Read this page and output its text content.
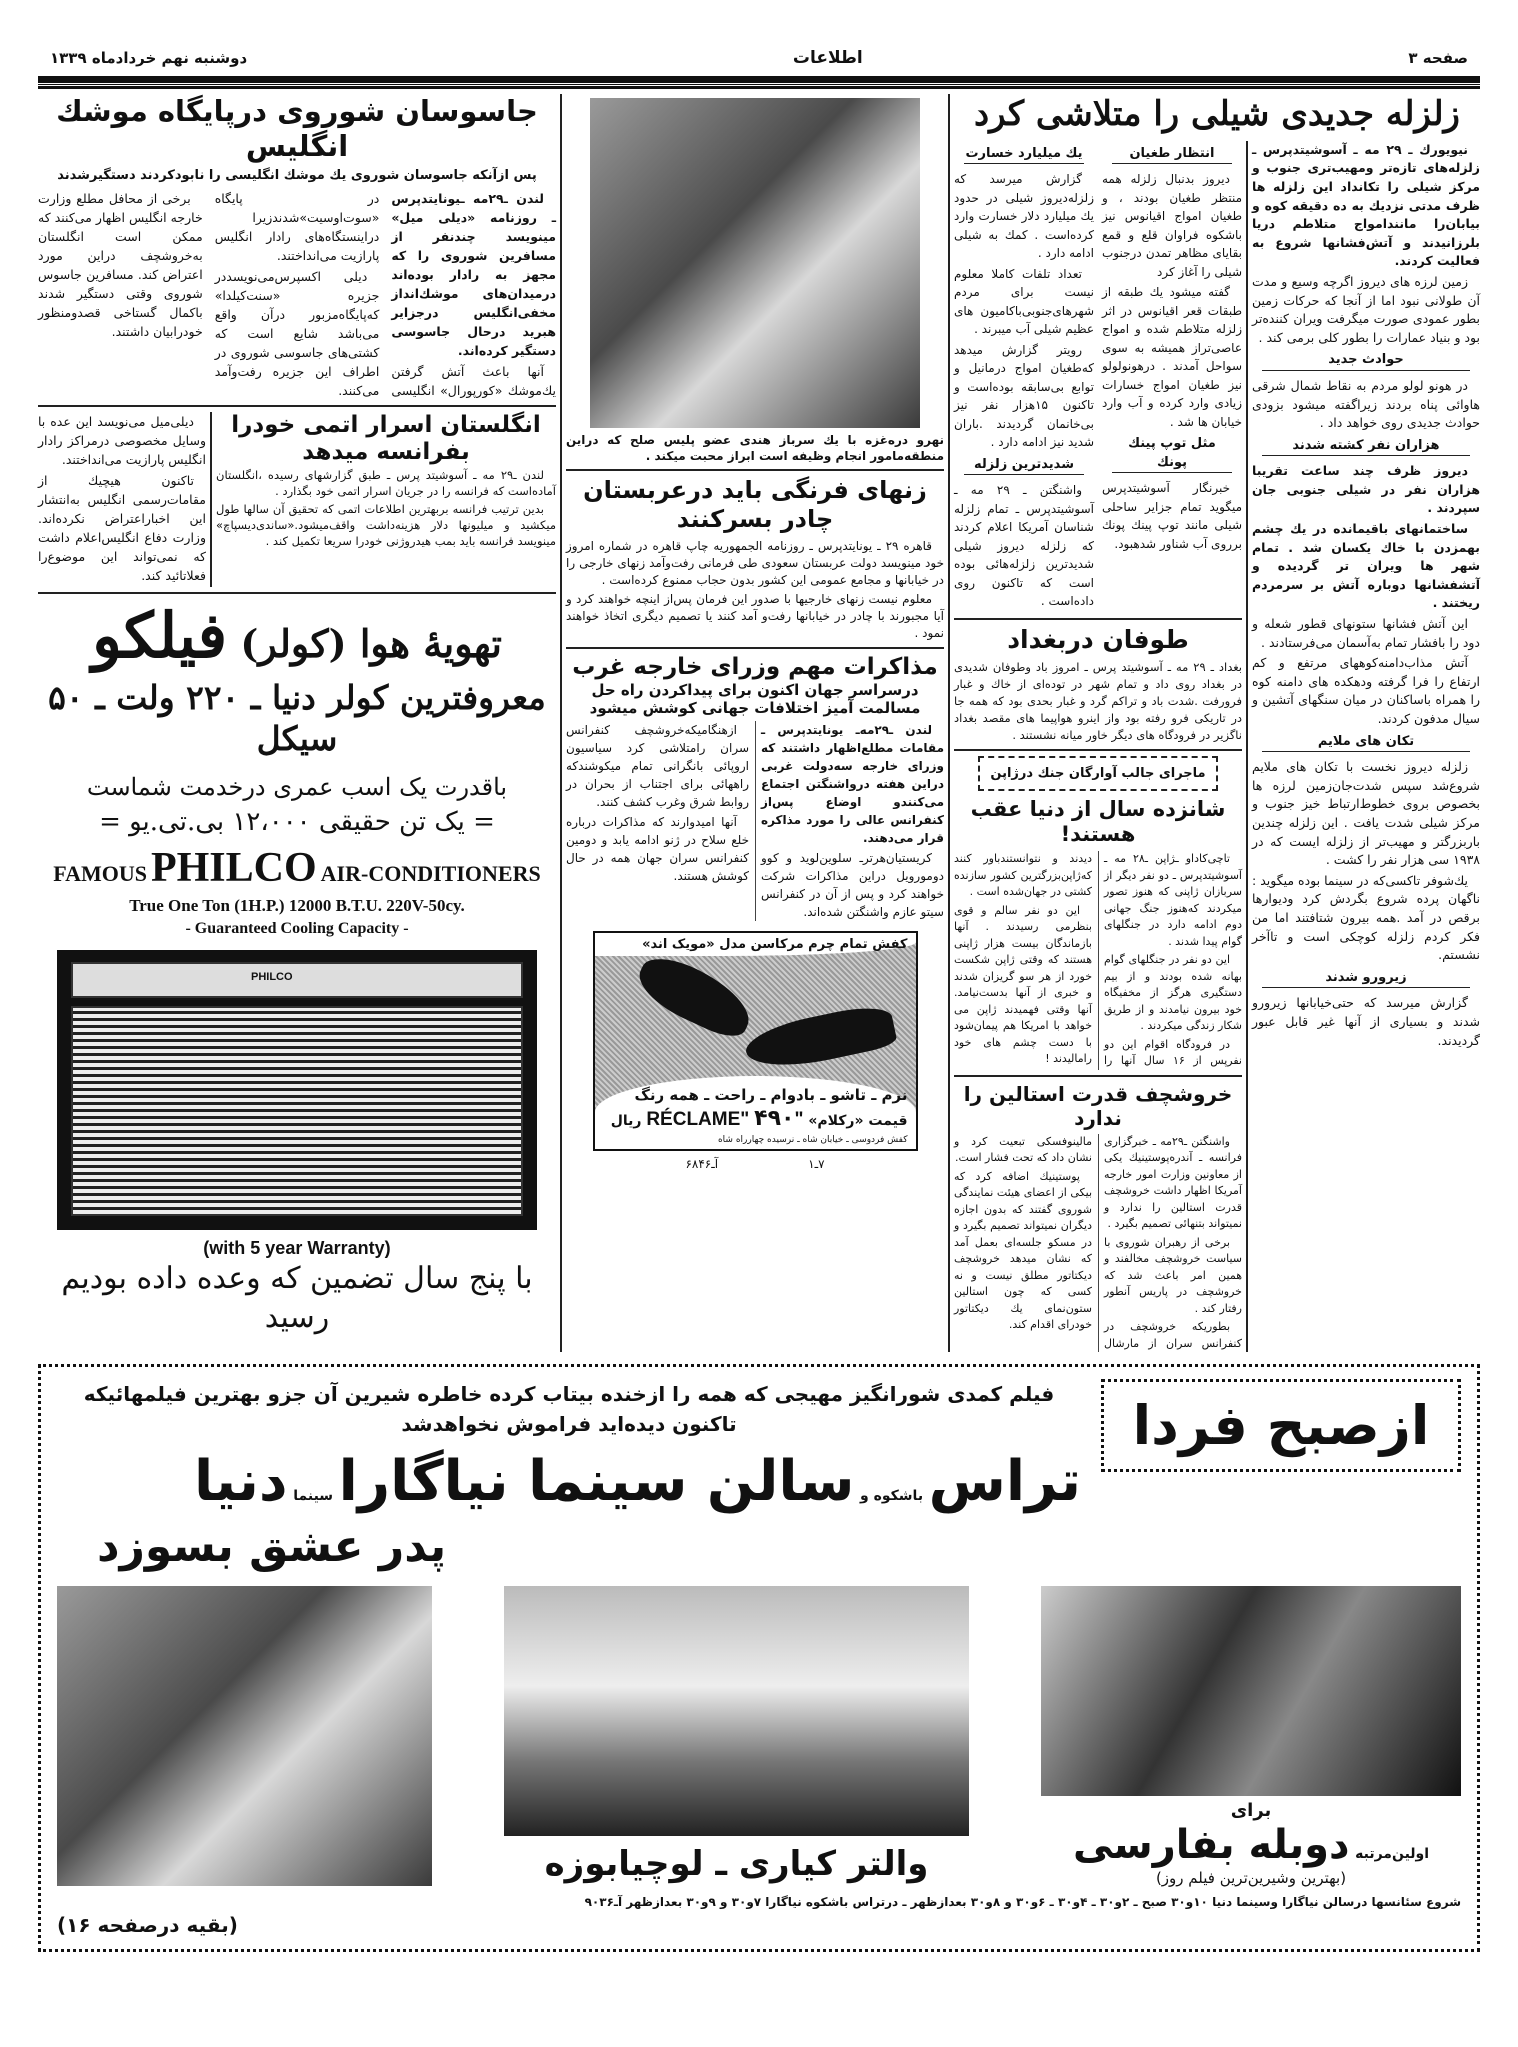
دوشنبه نهم خردادماه ۱۳۳۹	اطلاعات	صفحه ۳
جاسوسان شوروی درپایگاه موشك انگلیس
پس ازآنكه جاسوسان شوروی یك موشك انگلیسی را نابودكردند دستگیرشدند

لندن ـ۲۹مه ـیونایتدپرس ـ روزنامه «دیلی میل» مینویسد چندنفر از مسافرین شوروی را که مجهز به رادار بوده‌اند درمیدان‌های موشك‌انداز مخفی‌انگلیس درجزایر هبرید درحال جاسوسی دستگیر کرده‌اند.

آنها باعث آتش گرفتن یك‌موشك «کورپورال» انگلیسی در پایگاه «سوت‌اوسیت»شدندزیرا دراینستگاه‌های رادار انگلیس پارازیت می‌انداختند.

دیلی اکسپرس‌می‌نویسددر جزیره «سنت‌کیلدا» که‌پایگاه‌مزبور درآن واقع می‌باشد شایع است که کشتی‌های جاسوسی شوروی در اطراف این جزیره رفت‌وآمد می‌کنند.

برخی از محافل مطلع وزارت خارجه انگلیس اظهار می‌کنند که ممکن است انگلستان به‌خروشچف دراین مورد اعتراض کند. مسافرین جاسوس شوروی وقتی دستگیر شدند باکمال گستاخی قصدومنظور خودرابیان داشتند.

دیلی‌میل می‌نویسد این عده با وسایل مخصوصی درمراکز رادار انگلیس پارازیت می‌انداختند.

تاکنون هیچیك از مقامات‌رسمی انگلیس به‌انتشار این اخباراعتراض نکرده‌اند. وزارت دفاع انگلیس‌اعلام داشت که نمی‌تواند این موضوع‌را فعلاتائید کند.

انگلستان اسرار اتمی خودرا
بفرانسه میدهد

لندن ـ۲۹ مه ـ آسوشیتد پرس ـ طبق گزارشهای رسیده ،انگلستان آماده‌است که فرانسه را در جریان اسرار اتمی خود بگذارد .

بدین ترتیب فرانسه بربهترین اطلاعات اتمی که تحقیق آن سالها طول میکشید و میلیونها دلار هزینه‌داشت واقف‌میشود.«ساندی‌دیسپاچ» مینویسد فرانسه باید بمب هیدروژنی خودرا سریعا تکمیل کند .

تهویۀ هوا (کولر) فیلکو
معروفترین کولر دنیا ـ ۲۲۰ ولت ـ ۵۰ سیکل
باقدرت یک اسب عمری درخدمت شماست
= یک تن حقیقی ۱۲،۰۰۰ بی.تی.یو =
FAMOUS PHILCO AIR-CONDITIONERS
True One Ton (1H.P.) 12000 B.T.U. 220V-50cy.
- Guaranteed Cooling Capacity -
PHILCO
(with 5 year Warranty)
با پنج سال تضمین که وعده داده بودیم رسید
نهرو دره‌غزه‌ با یك سرباز هندی عضو پلیس صلح که دراین منطقه‌مامور انجام وظیفه است ابراز محبت میکند .
زنهای فرنگی باید درعربستان چادر بسرکنند

قاهره ۲۹ ـ یونایتدپرس ـ روزنامه الجمهوریه چاپ قاهره در شماره امروز خود مینویسد دولت عربستان سعودی طی فرمانی رفت‌وآمد زنهای خارجی را در خیابانها و مجامع عمومی این کشور بدون حجاب ممنوع کرده‌است .

معلوم نیست زنهای خارجیها با صدور این فرمان پس‌از اینچه خواهند کرد و آیا مجبورند با چادر در خیابانها رفت‌و آمد کنند یا تصمیم دیگری اتخاذ خواهند نمود .

مذاکرات مهم وزرای خارجه غرب
درسراسر جهان اکنون برای پیداکردن راه حل مسالمت آمیز اختلافات جهانی کوشش میشود

لندن ـ۲۹مه‌ـ یونایتدپرس ـ مقامات مطلع‌اظهار داشتند که وزرای خارجه سه‌دولت غربی دراین هفته درواشنگتن اجتماع می‌کنندو اوضاع پس‌از کنفرانس عالی را مورد مذاکره قرار می‌دهند.

کریستیان‌هرتر‌ـ سلوین‌لوید و کوو دومورویل دراین مذاکرات شرکت خواهند کرد و پس از آن در کنفرانس سیتو عازم واشنگتن شده‌اند.

ازهنگامیکه‌خروشچف کنفرانس سران رامتلاشی کرد سیاسیون اروپائی بانگرانی تمام میکوشندکه راههائی برای اجتناب از بحران در روابط شرق وغرب کشف کنند.

آنها امیدوارند که مذاکرات درباره خلع سلاح در ژنو ادامه یابد و دومین کنفرانس سران جهان همه در حال کوشش هستند.

کفش تمام چرم مرکاسن مدل «مویک اند»
نرم ـ تاشو ـ بادوام ـ راحت ـ همه رنگ
قیمت «رکلام» "RÉCLAME" ۴۹۰ ریال
کفش فردوسی ـ خیابان شاه ـ نرسیده چهارراه شاه
آـ۶۸۴۶	۷ـ۱
زلزله جدیدی شیلی را متلاشی کرد
یك میلیارد خسارت

گزارش میرسد که زلزله‌دیروز شیلی در حدود یك میلیارد دلار خسارت وارد کرده‌است . کمك به شیلی ادامه دارد .

تعداد تلفات کاملا معلوم نیست برای مردم شهرهای‌جنوبی‌باکامیون های عظیم شیلی آب میبرند .

رویتر گزارش میدهد که‌طغیان امواج درمانیل و توابع بی‌سابقه بوده‌است و تاکنون ۱۵هزار نفر نیز بی‌خانمان گردیدند .باران شدید نیز ادامه دارد .

شدیدترین زلزله

واشنگتن ـ ۲۹ مه ـ آسوشیتدپرس ـ تمام زلزله شناسان آمریکا اعلام کردند که زلزله دیروز شیلی شدیدترین زلزله‌هائی بوده است که تاکنون روی داده‌است .

انتظار طغیان

دیروز بدنبال زلزله همه منتظر طغیان بودند ، و طغیان امواج اقیانوس نیز باشکوه فراوان قلع و قمع بقایای مظاهر تمدن درجنوب شیلی را آغاز کرد

گفته میشود یك طبقه از طبقات قعر اقیانوس در اثر زلزله متلاطم شده و امواج عاصی‌تراز همیشه به سوی سواحل آمدند . درهونولولو نیز طغیان امواج خسارات زیادی وارد کرده و آب وارد خیابان ها شد .

مثل توپ پینك پونك

خبرنگار آسوشیتدپرس میگوید تمام جزایر ساحلی شیلی مانند توپ پینك پونك برروی آب شناور شدهبود.

طوفان دربغداد
بغداد ـ ۲۹ مه ـ آسوشیتد پرس ـ امروز باد وطوفان شدیدی در بغداد روی داد و تمام شهر در توده‌ای از خاك و غبار فرورفت .شدت باد و تراکم گرد و غبار بحدی بود که همه جا در تاریکی فرو رفته بود واز اینرو هواپیما های مقصد بغداد ناگزیر در فرودگاه های دیگر خاور میانه نشستند .
ماجرای جالب آوارگان جنك درژاپن
شانزده سال از دنیا عقب هستند!

تاچی‌کاداو ـژاپن ـ۲۸ مه ـ آسوشیتدپرس ـ دو نفر دیگر از سربازان ژاپنی که هنوز تصور میکردند که‌هنوز جنگ جهانی دوم ادامه دارد در جنگلهای گوام پیدا شدند .

این دو نفر در جنگلهای گوام بهانه شده بودند و از بیم دستگیری هرگز از مخفیگاه خود بیرون نیامدند و از طریق شکار زندگی میکردند .

در فرودگاه اقوام این دو نفرپس از ۱۶ سال آنها را دیدند و نتوانستندباور کنند که‌ژاپن‌بزرگترین کشور سازنده کشتی در جهان‌شده است .

این دو نفر سالم و قوی بنظرمی رسیدند . آنها بازماندگان بیست هزار ژاپنی هستند که وقتی ژاپن شکست خورد از هر سو گریزان شدند و خبری از آنها بدست‌نیامد. آنها وقتی فهمیدند ژاپن می خواهد با امریکا هم پیمان‌شود با دست چشم های خود رامالیدند !

خروشچف قدرت استالین را ندارد

واشنگتن ـ۲۹مه ـ خبرگزاری فرانسه ـ آندره‌پوستینیك یکی از معاونین وزارت امور خارجه آمریکا اظهار داشت خروشچف قدرت استالین را ندارد و نمیتواند بتنهائی تصمیم بگیرد .

برخی از رهبران شوروی با سیاست خروشچف مخالفند و همین امر باعث شد که خروشچف در پاریس آنطور رفتار کند .

بطوریکه خروشچف در کنفرانس سران از مارشال مالینوفسکی تبعیت کرد و نشان داد که تحت فشار است.

پوستینیك اضافه کرد که بیکی از اعضای هیئت نمایندگی شوروی گفتند که بدون اجازه دیگران نمیتواند تصمیم بگیرد و در مسکو جلسه‌ای بعمل آمد که نشان میدهد خروشچف دیکتاتور مطلق نیست و نه‌ کسی که چون استالین ستون‌نمای یك دیکتاتور خودرای اقدام کند.

نیویورك ـ ۲۹ مه ـ آسوشیتدپرس ـ زلزله‌های تازه‌تر ومهیب‌تری جنوب و مرکز شیلی را تکانداد این زلزله ها ظرف مدتی نزدیك به ده دقیقه کوه و بیابان‌را مانندامواج متلاطم دریا بلرزانیدند و آتش‌فشانها شروع به فعالیت کردند.

زمین لرزه های دیروز اگرچه وسیع و مدت آن طولانی نبود اما از آنجا که حرکات زمین بطور عمودی صورت میگرفت ویران کننده‌تر بود و بنیاد عمارات را بطور کلی برمی کند .

حوادث جدید

در هونو لولو مردم به نقاط شمال شرقی هاوائی پناه بردند زیراگفته میشود بزودی حوادث جدیدی روی خواهد داد .

هزاران نفر کشته شدند

دیروز ظرف چند ساعت تقریبا هزاران نفر در شیلی جنوبی جان سپردند .

ساختمانهای باقیمانده در یك چشم بهمزدن با خاك یکسان شد . تمام شهر ها ویران تر گردیده و آتشفشانها دوباره آتش بر سرمردم ریختند .

این آتش فشانها ستونهای قطور شعله و دود را بافشار تمام به‌آسمان می‌فرستادند .

آتش مذاب‌دامنه‌کوههای مرتفع و کم ارتفاع را فرا گرفته ودهکده های دامنه کوه را همراه باساکنان در میان سنگهای آتشین و سیال مدفون کردند.

تکان های ملایم

زلزله دیروز نخست با تکان های ملایم شروع‌شد سپس شدت‌جان‌زمین لرزه ها بخصوص بروی خطوط‌ارتباط خیز جنوب و مرکز شیلی شدت یافت . این زلزله چندین باربزرگتر و مهیب‌تر از زلزله ایست که در ۱۹۳۸ سی هزار نفر را کشت .

یك‌شوفر تاکسی‌که در سینما بوده میگوید : ناگهان پرده شروع بگردش کرد ودیوارها برقص در آمد .همه بیرون شتافتند اما من فکر کردم زلزله کوچکی است و تاآخر نشستم.

زیرورو شدند

گزارش میرسد که حتی‌خیابانها زیرورو شدند و بسیاری از آنها غیر قابل عبور گردیدند.

فیلم کمدی شورانگیز مهیجی که همه را ازخنده بیتاب کرده خاطره شیرین آن جزو بهترین فیلمهائیکه تاکنون دیده‌اید فراموش نخواهدشد
تراس باشکوه و سالن سینما نیاگارا سینما دنیا
پدر عشق بسوزد
ازصبح فردا
والتر کیاری ـ لوچیابوزه
برای
اولین‌مرتبه دوبله بفارسی
(بهترین وشیرین‌ترین فیلم روز)
شروع سئانسها درسالن نیاگارا وسینما دنیا ۱۰و۳۰ صبح ـ ۲و۳۰ ـ ۴و۳۰ ـ ۶و۳۰ و ۸و۳۰ بعدازظهر ـ درتراس باشکوه نیاگارا ۷و۳۰ و ۹و۳۰ بعدازظهر آـ۹۰۳۶
(بقیه درصفحه ۱۶)
